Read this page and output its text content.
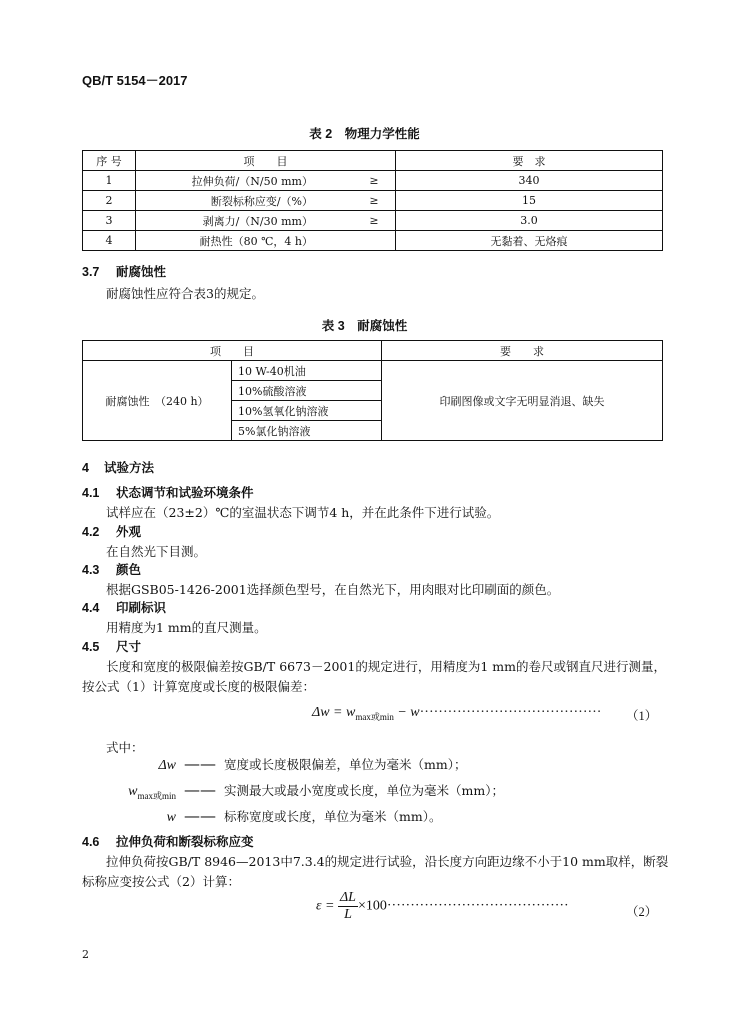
QB/T 5154－2017
表 2　物理力学性能
序 号	项　　目		要　求
1	拉伸负荷/（N/50 mm）	≥	340
2	断裂标称应变/（%）	≥	15
3	剥离力/（N/30 mm）	≥	3.0
4	耐热性（80 ℃，4 h）		无黏着、无烙痕
3.7 耐腐蚀性
耐腐蚀性应符合表3的规定。
表 3　耐腐蚀性
项　　目		要　　求
耐腐蚀性　（240 h）	10 W-40机油	印刷图像或文字无明显消退、缺失
	10%硫酸溶液	
	10%氢氧化钠溶液	
	5%氯化钠溶液	
4 试验方法
4.1 状态调节和试验环境条件
试样应在（23±2）℃的室温状态下调节4 h，并在此条件下进行试验。
4.2 外观
在自然光下目测。
4.3 颜色
根据GSB05-1426-2001选择颜色型号，在自然光下，用肉眼对比印刷面的颜色。
4.4 印刷标识
用精度为1 mm的直尺测量。
4.5 尺寸
长度和宽度的极限偏差按GB/T 6673－2001的规定进行，用精度为1 mm的卷尺或钢直尺进行测量，
按公式（1）计算宽度或长度的极限偏差：
$\Delta w = w_{max或min} - w\cdot\cdot\cdot\cdot\cdot\cdot\cdot\cdot\cdot\cdot\cdot\cdot\cdot\cdot\cdot\cdot\cdot\cdot\cdot\cdot\cdot\cdot\cdot\cdot\cdot\cdot\cdot\cdot\cdot\cdot\cdot\cdot\cdot\cdot\cdot\cdot\cdot\cdot\cdot (1)$
式中：
Δw —— 宽度或长度极限偏差，单位为毫米（mm）；
$w_{max或min}$ —— 实测最大或最小宽度或长度，单位为毫米（mm）；
w —— 标称宽度或长度，单位为毫米（mm）。
4.6 拉伸负荷和断裂标称应变
拉伸负荷按GB/T 8946—2013中7.3.4的规定进行试验，沿长度方向距边缘不小于10 mm取样，断裂
标称应变按公式（2）计算：
$\varepsilon = \frac{\Delta L}{L} \times 100\cdot\cdot\cdot\cdot\cdot\cdot\cdot\cdot\cdot\cdot\cdot\cdot\cdot\cdot\cdot\cdot\cdot\cdot\cdot\cdot\cdot\cdot\cdot\cdot\cdot\cdot\cdot\cdot\cdot\cdot\cdot\cdot\cdot\cdot\cdot\cdot\cdot\cdot\cdot$	（2）
2
